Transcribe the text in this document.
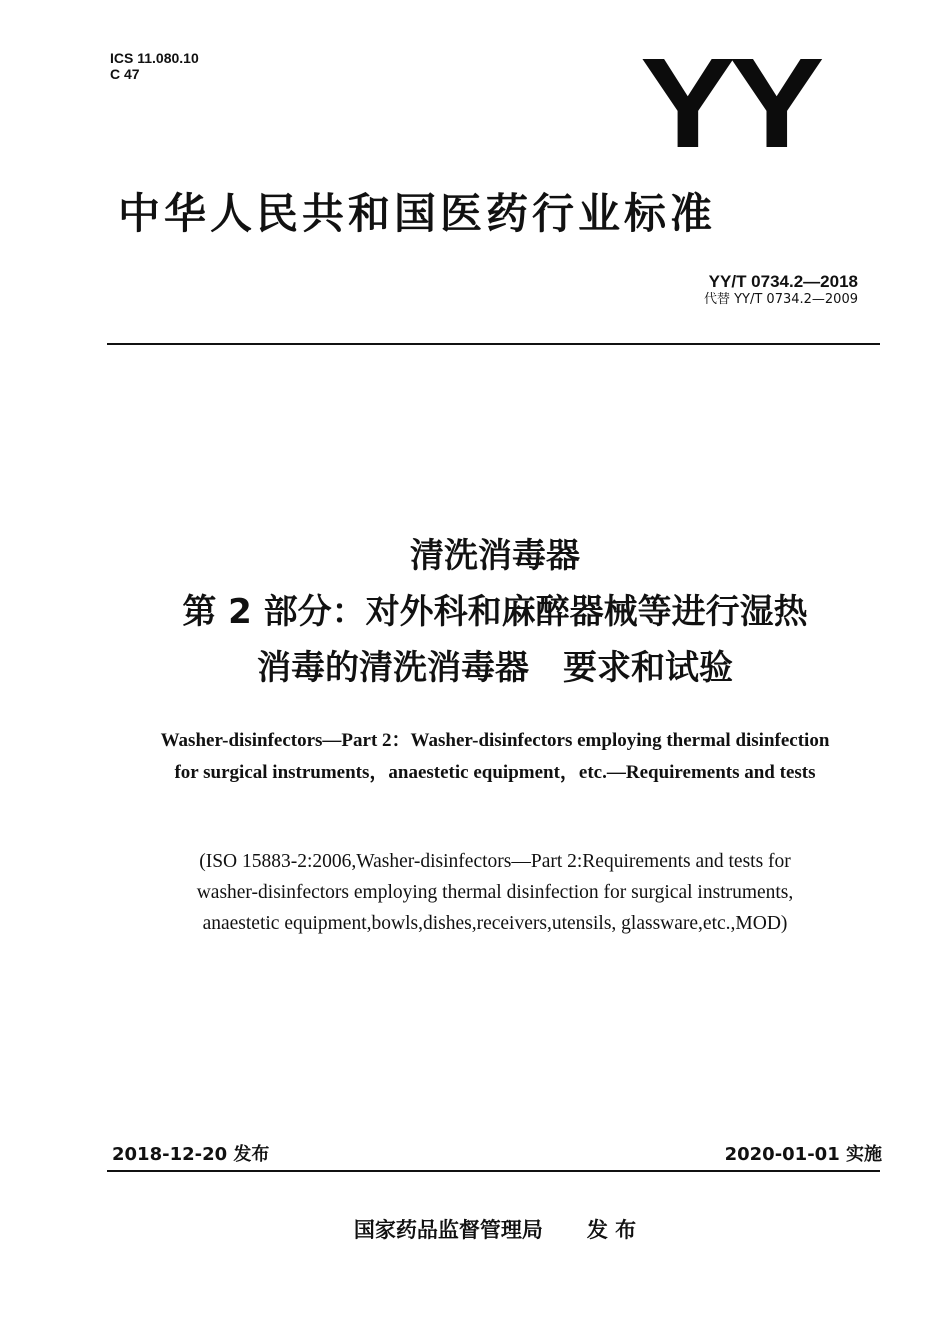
ICS 11.080.10
C 47	YY
中华人民共和国医药行业标准
YY/T 0734.2—2018
代替 YY/T 0734.2—2009
清洗消毒器
第 2 部分：对外科和麻醉器械等进行湿热
消毒的清洗消毒器　要求和试验
Washer-disinfectors—Part 2：Washer-disinfectors employing thermal disinfection
for surgical instruments，anaestetic equipment，etc.—Requirements and tests
(ISO 15883-2:2006,Washer-disinfectors—Part 2:Requirements and tests for
washer-disinfectors employing thermal disinfection for surgical instruments,
anaestetic equipment,bowls,dishes,receivers,utensils, glassware,etc.,MOD)
2018-12-20 发布	2020-01-01 实施
国家药品监督管理局 发 布
